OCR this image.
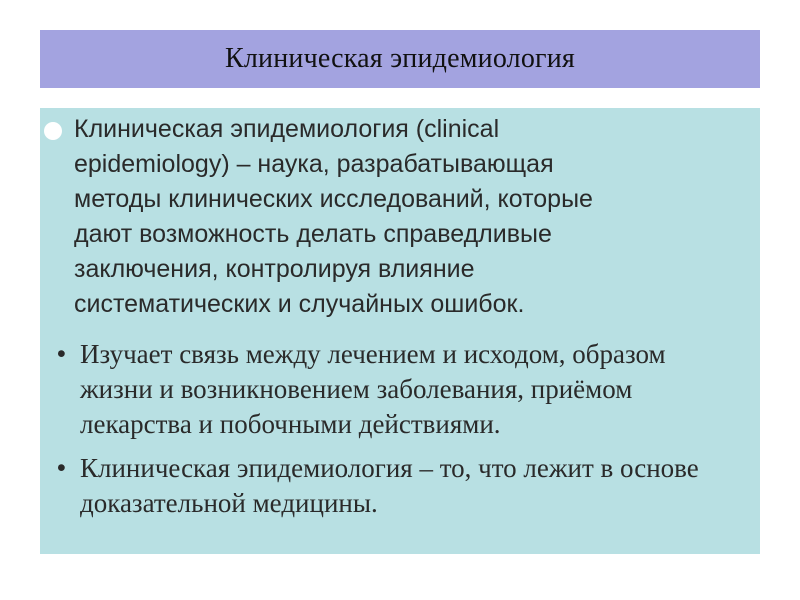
Клиническая эпидемиология
Клиническая эпидемиология (clinical epidemiology) – наука, разрабатывающая методы клинических исследований, которые дают возможность делать справедливые заключения, контролируя влияние систематических и случайных ошибок.
• Изучает связь между лечением и исходом, образом жизни и возникновением заболевания, приёмом лекарства и побочными действиями.
• Клиническая эпидемиология – то, что лежит в основе доказательной медицины.
